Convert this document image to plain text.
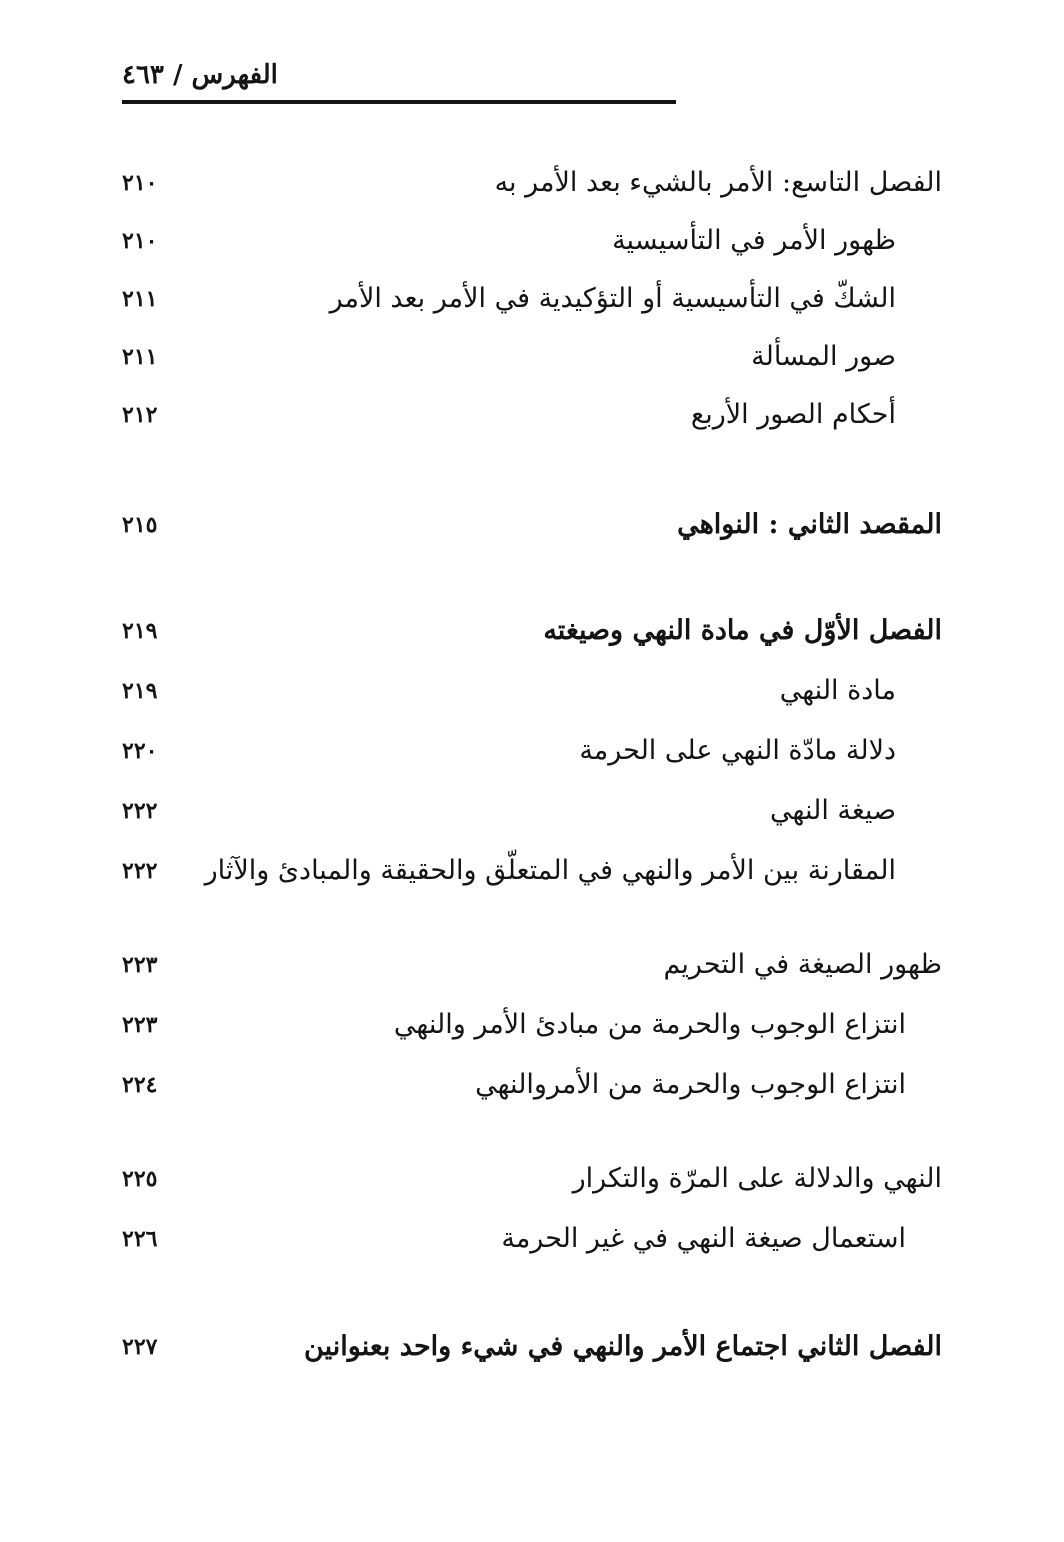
الفهرس / ٤٦٣
الفصل التاسع: الأمر بالشيء بعد الأمر به
٢١٠
ظهور الأمر في التأسيسية
٢١٠
الشكّ في التأسيسية أو التؤكيدية في الأمر بعد الأمر
٢١١
صور المسألة
٢١١
أحكام الصور الأربع
٢١٢
المقصد الثاني : النواهي
٢١٥
الفصل الأوّل في مادة النهي وصيغته
٢١٩
مادة النهي
٢١٩
دلالة مادّة النهي على الحرمة
٢٢٠
صيغة النهي
٢٢٢
المقارنة بين الأمر والنهي في المتعلّق والحقيقة والمبادئ والآثار
٢٢٢
ظهور الصيغة في التحريم
٢٢٣
انتزاع الوجوب والحرمة من مبادئ الأمر والنهي
٢٢٣
انتزاع الوجوب والحرمة من الأمروالنهي
٢٢٤
النهي والدلالة على المرّة والتكرار
٢٢٥
استعمال صيغة النهي في غير الحرمة
٢٢٦
الفصل الثاني اجتماع الأمر والنهي في شيء واحد بعنوانين
٢٢٧
